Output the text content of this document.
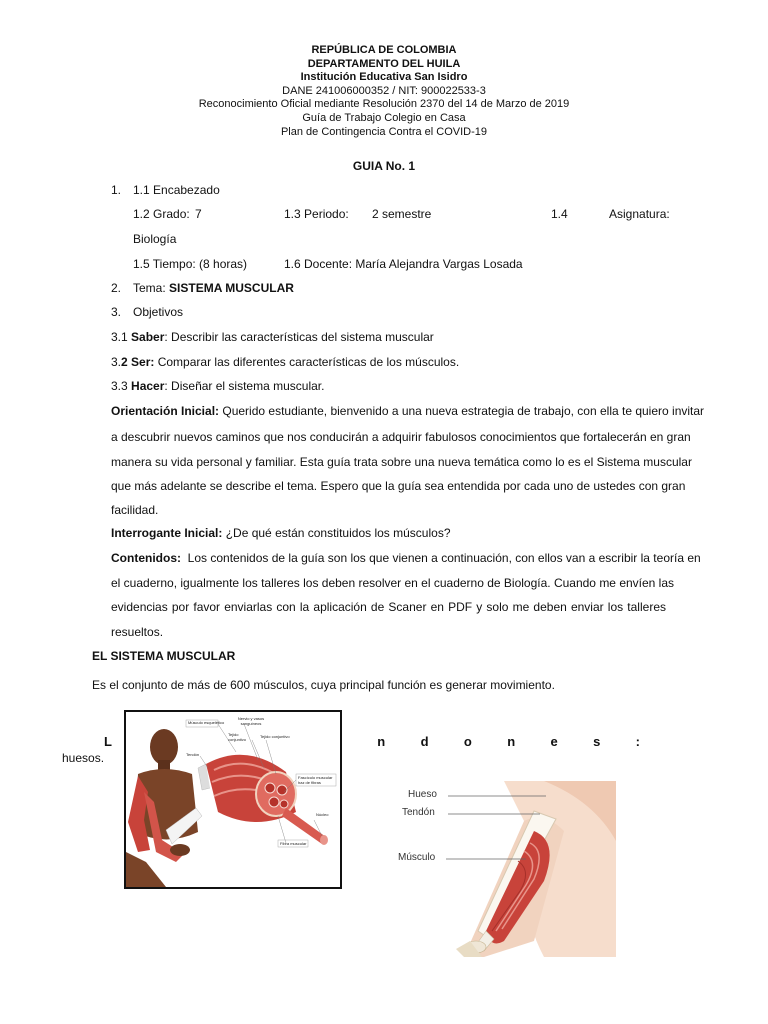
REPÚBLICA DE COLOMBIA
DEPARTAMENTO DEL HUILA
Institución Educativa San Isidro
DANE 241006000352 / NIT: 900022533-3
Reconocimiento Oficial mediante Resolución 2370 del 14 de Marzo de 2019
Guía de Trabajo Colegio en Casa
Plan de Contingencia Contra el COVID-19
GUIA No. 1
1. 1.1 Encabezado
1.2 Grado: 7	1.3 Periodo: 2 semestre	1.4	Asignatura:
Biología
1.5 Tiempo: (8 horas)	1.6 Docente: María Alejandra Vargas Losada
2. Tema: SISTEMA MUSCULAR
3. Objetivos
3.1 Saber: Describir las características del sistema muscular
3.2 Ser: Comparar las diferentes características de los músculos.
3.3 Hacer: Diseñar el sistema muscular.
Orientación Inicial: Querido estudiante, bienvenido a una nueva estrategia de trabajo, con ella te quiero invitar
a descubrir nuevos caminos que nos conducirán a adquirir fabulosos conocimientos que fortalecerán en gran
manera su vida personal y familiar. Esta guía trata sobre una nueva temática como lo es el Sistema muscular
que más adelante se describe el tema. Espero que la guía sea entendida por cada uno de ustedes con gran
facilidad.
Interrogante Inicial: ¿De qué están constituidos los músculos?
Contenidos: Los contenidos de la guía son los que vienen a continuación, con ellos van a escribir la teoría en
el cuaderno, igualmente los talleres los deben resolver en el cuaderno de Biología. Cuando me envíen las
evidencias por favor enviarlas con la aplicación de Scaner en PDF y solo me deben enviar los talleres
resueltos.
EL SISTEMA MUSCULAR
Es el conjunto de más de 600 músculos, cuya principal función es generar movimiento.
L	n	d	o	n	e	s	:
huesos.
Músculo esquelético
Nervio y vasos sanguíneos
Tejido conjuntivo
Tejido conjuntivo
Tendón
Fascículo muscular haz de fibras
Núcleo
Fibra muscular
Hueso
Tendón
Músculo
